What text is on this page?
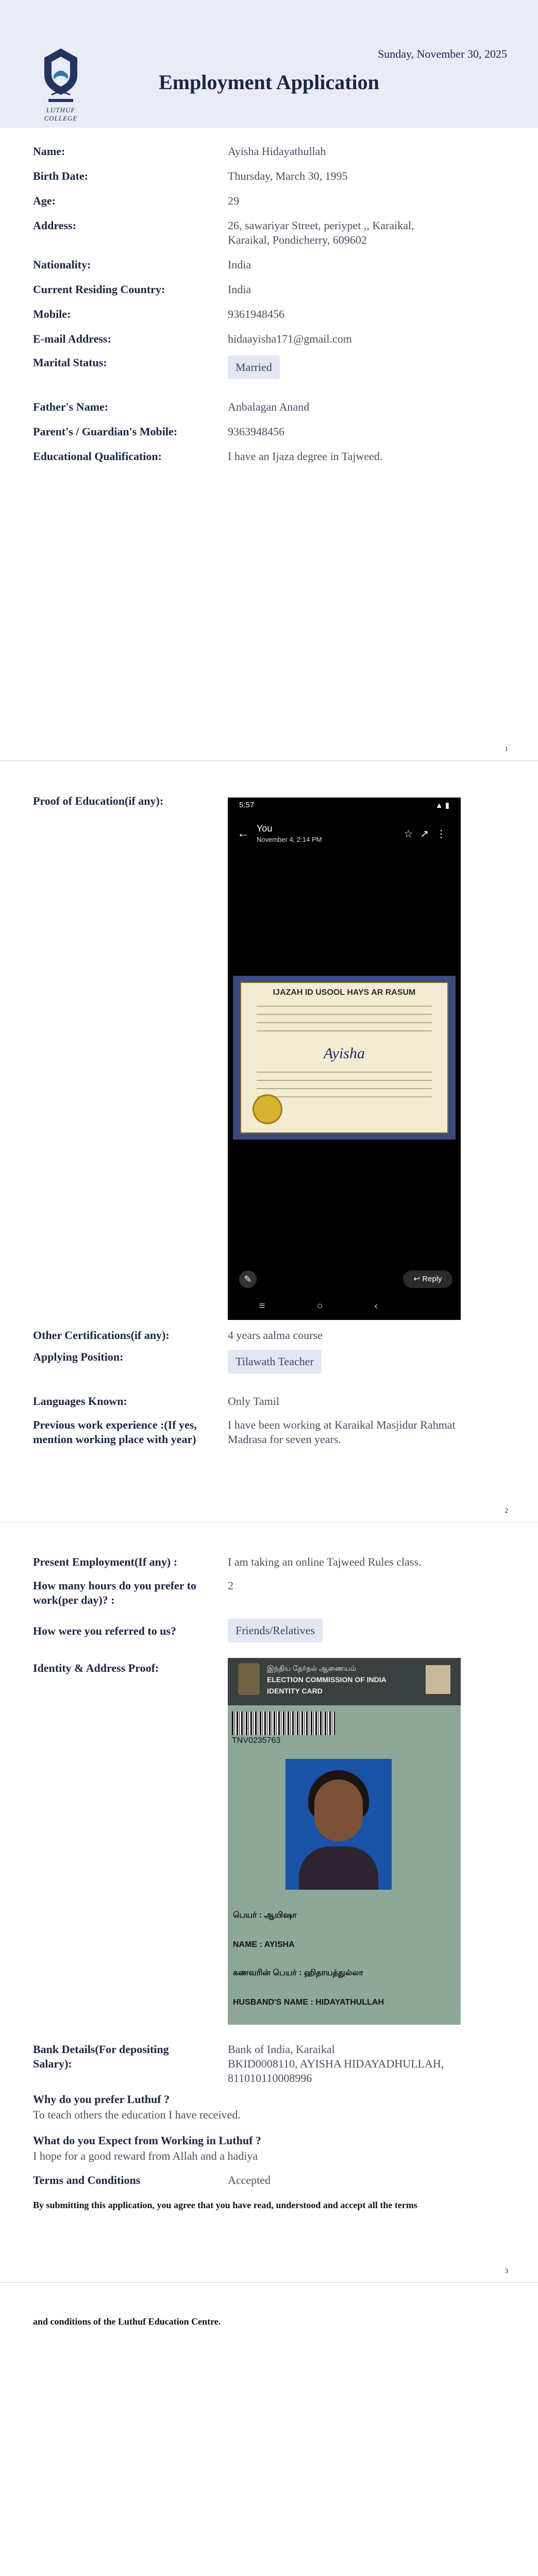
LUTHUF COLLEGE
Sunday, November 30, 2025
Employment Application
Name:	Ayisha Hidayathullah
Birth Date:	Thursday, March 30, 1995
Age:	29
Address:	26, sawariyar Street, periypet ,, Karaikal,
Karaikal, Pondicherry, 609602
Nationality:	India
Current Residing Country:	India
Mobile:	9361948456
E-mail Address:	hidaayisha171@gmail.com
Marital Status:	Married
Father's Name:	Anbalagan Anand
Parent's / Guardian's Mobile:	9363948456
Educational Qualification:	I have an Ijaza degree in Tajweed.
1
Proof of Education(if any):	5:57	▲ ▮
← You
November 4, 2:14 PM	☆↗⋮
IJAZAH ID USOOL HAYS AR RASUM
Ayisha
✎	↩ Reply
≡○‹
Other Certifications(if any):	4 years aalma course
Applying Position:	Tilawath Teacher
Languages Known:	Only Tamil
Previous work experience :(If yes,
mention working place with year)
I have been working at Karaikal Masjidur Rahmat
Madrasa for seven years.
2
Present Employment(If any) :	I am taking an online Tajweed Rules class.
How many hours do you prefer to
work(per day)? :
2
How were you referred to us?	Friends/Relatives
Identity & Address Proof:	இந்திய தேர்தல் ஆணையம்
ELECTION COMMISSION OF INDIA
IDENTITY CARD
TNV0235763
பெயர் : ஆயிஷா
NAME : AYISHA
கணவரின் பெயர் : ஹிதாயத்துல்லா
HUSBAND'S NAME : HIDAYATHULLAH
Bank Details(For depositing
Salary):
Bank of India, Karaikal
BKID0008110, AYISHA HIDAYADHULLAH,
811010110008996
Why do you prefer Luthuf ?
To teach others the education I have received.
What do you Expect from Working in Luthuf ?
I hope for a good reward from Allah and a hadiya
Terms and Conditions	Accepted
By submitting this application, you agree that you have read, understood and accept all the terms
3
and conditions of the Luthuf Education Centre.
